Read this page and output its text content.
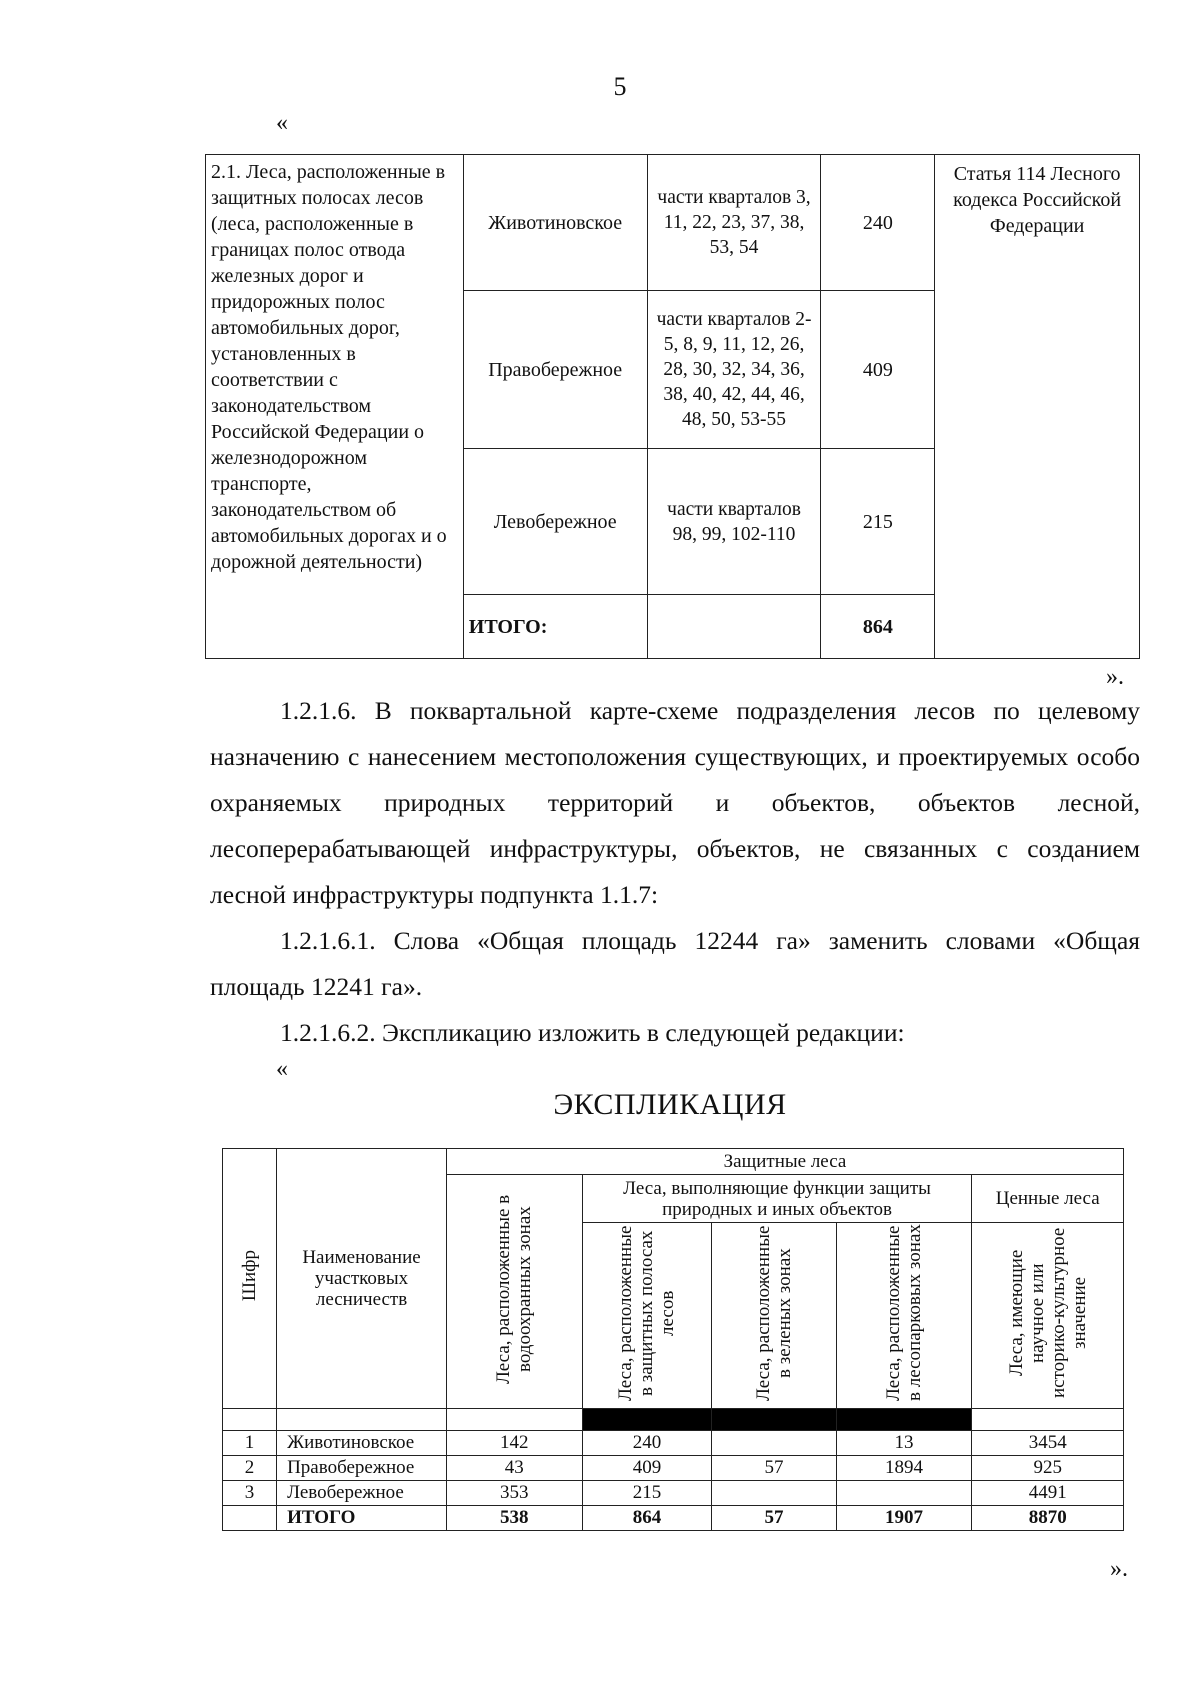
5
«
2.1. Леса, расположенные в защитных полосах лесов (леса, расположенные в границах полос отвода железных дорог и придорожных полос автомобильных дорог, установленных в соответствии с законодательством Российской Федерации о железнодорожном транспорте, законодательством об автомобильных дорогах и о дорожной деятельности)	Животиновское	части кварталов 3, 11, 22, 23, 37, 38, 53, 54	240	Статья 114 Лесного кодекса Российской Федерации
	Правобережное	части кварталов 2-5, 8, 9, 11, 12, 26, 28, 30, 32, 34, 36, 38, 40, 42, 44, 46, 48, 50, 53-55	409	
	Левобережное	части кварталов 98, 99, 102-110	215	
	ИТОГО:		864	
».

1.2.1.6. В поквартальной карте-схеме подразделения лесов по целевому назначению с нанесением местоположения существующих, и проектируемых особо охраняемых природных территорий и объектов, объектов лесной, лесоперерабатывающей инфраструктуры, объектов, не связанных с созданием лесной инфраструктуры подпункта 1.1.7:

1.2.1.6.1. Слова «Общая площадь 12244 га» заменить словами «Общая площадь 12241 га».

1.2.1.6.2. Экспликацию изложить в следующей редакции:

«
ЭКСПЛИКАЦИЯ
Шифр	Наименование участковых лесничеств	Защитные леса				
		Леса, расположенные в водоохранных зонах	Леса, выполняющие функции защиты природных и иных объектов			Ценные леса
			Леса, расположенные в защитных полосах лесов	Леса, расположенные в зеленых зонах	Леса, расположенные в лесопарковых зонах	Леса, имеющие научное или историко-культурное значение

1	Животиновское	142	240		13	3454
2	Правобережное	43	409	57	1894	925
3	Левобережное	353	215			4491
	ИТОГО	538	864	57	1907	8870
».
